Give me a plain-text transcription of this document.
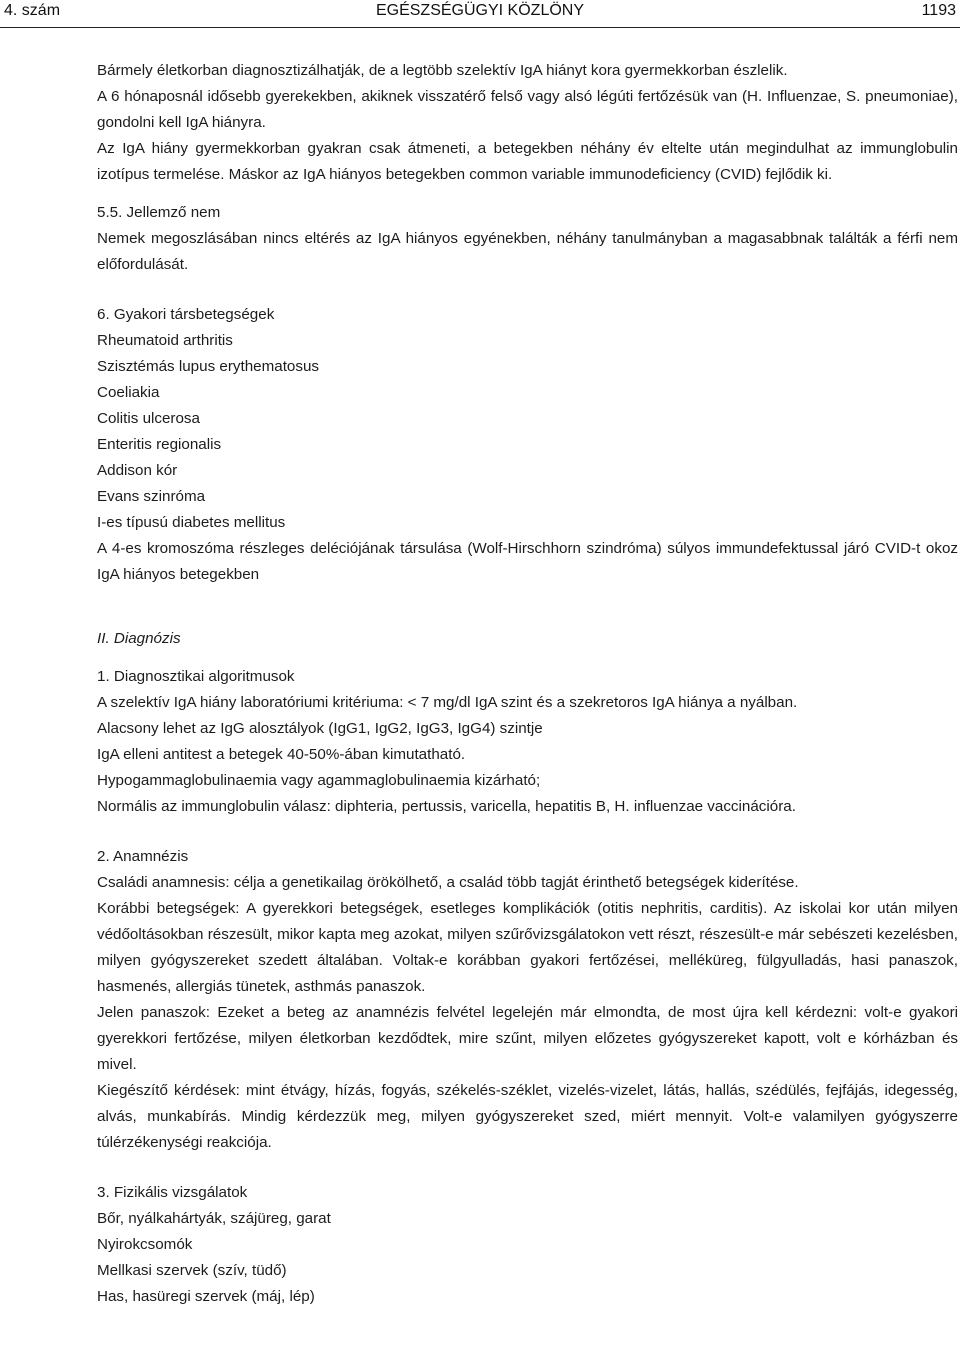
4. szám	EGÉSZSÉGÜGYI KÖZLÖNY	1193

Bármely életkorban diagnosztizálhatják, de a legtöbb szelektív IgA hiányt kora gyermekkorban észlelik.

A 6 hónaposnál idősebb gyerekekben, akiknek visszatérő felső vagy alsó légúti fertőzésük van (H. Influenzae, S. pneumoniae), gondolni kell IgA hiányra.

Az IgA hiány gyermekkorban gyakran csak átmeneti, a betegekben néhány év eltelte után megindulhat az immunglobulin izotípus termelése. Máskor az IgA hiányos betegekben common variable immunodeficiency (CVID) fejlődik ki.

5.5. Jellemző nem

Nemek megoszlásában nincs eltérés az IgA hiányos egyénekben, néhány tanulmányban a magasabbnak találták a férfi nem előfordulását.

6. Gyakori társbetegségek

Rheumatoid arthritis

Szisztémás lupus erythematosus

Coeliakia

Colitis ulcerosa

Enteritis regionalis

Addison kór

Evans szinróma

I-es típusú diabetes mellitus

A 4-es kromoszóma részleges deléciójának társulása (Wolf-Hirschhorn szindróma) súlyos immundefektussal járó CVID-t okoz IgA hiányos betegekben

II. Diagnózis

1. Diagnosztikai algoritmusok

A szelektív IgA hiány laboratóriumi kritériuma: < 7 mg/dl IgA szint és a szekretoros IgA hiánya a nyálban.

Alacsony lehet az IgG alosztályok (IgG1, IgG2, IgG3, IgG4) szintje

IgA elleni antitest a betegek 40-50%-ában kimutatható.

Hypogammaglobulinaemia vagy agammaglobulinaemia kizárható;

Normális az immunglobulin válasz: diphteria, pertussis, varicella, hepatitis B, H. influenzae vaccinációra.

2. Anamnézis

Családi anamnesis: célja a genetikailag örökölhető, a család több tagját érinthető betegségek kiderítése.

Korábbi betegségek: A gyerekkori betegségek, esetleges komplikációk (otitis nephritis, carditis). Az iskolai kor után milyen védőoltásokban részesült, mikor kapta meg azokat, milyen szűrővizsgálatokon vett részt, részesült-e már sebészeti kezelésben, milyen gyógyszereket szedett általában. Voltak-e korábban gyakori fertőzései, melléküreg, fülgyulladás, hasi panaszok, hasmenés, allergiás tünetek, asthmás panaszok.

Jelen panaszok: Ezeket a beteg az anamnézis felvétel legelején már elmondta, de most újra kell kérdezni: volt-e gyakori gyerekkori fertőzése, milyen életkorban kezdődtek, mire szűnt, milyen előzetes gyógyszereket kapott, volt e kórházban és mivel.

Kiegészítő kérdések: mint étvágy, hízás, fogyás, székelés-széklet, vizelés-vizelet, látás, hallás, szédülés, fejfájás, idegesség, alvás, munkabírás. Mindig kérdezzük meg, milyen gyógyszereket szed, miért mennyit. Volt-e valamilyen gyógyszerre túlérzékenységi reakciója.

3. Fizikális vizsgálatok

Bőr, nyálkahártyák, szájüreg, garat

Nyirokcsomók

Mellkasi szervek (szív, tüdő)

Has, hasüregi szervek (máj, lép)
